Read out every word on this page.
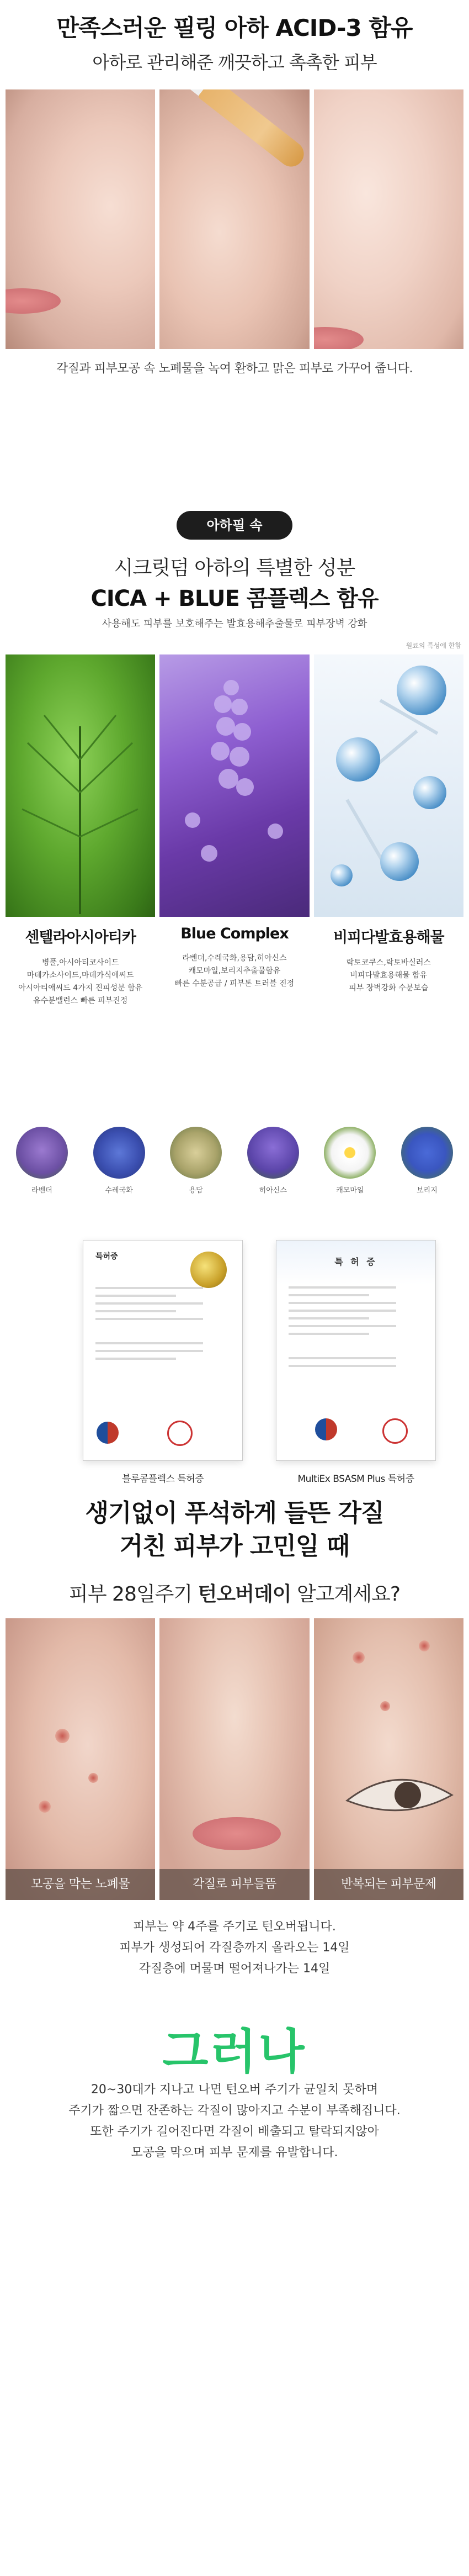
만족스러운 필링 아하 ACID-3 함유
아하로 관리해준 깨끗하고 촉촉한 피부
각질과 피부모공 속 노폐물을 녹여 환하고 맑은 피부로 가꾸어 줍니다.
아하필 속
시크릿덤 아하의 특별한 성분
CICA + BLUE 콤플렉스 함유
사용해도 피부를 보호해주는 발효용해추출물로 피부장벽 강화
원료의 특성에 한함
센텔라아시아티카
병풀,아시아티코사이드
마데카소사이드,마데카식애씨드
아시아티애씨드 4가지 진피성분 함유
유수분밸런스 빠른 피부진정
Blue Complex
라벤더,수레국화,용담,히아신스
캐모마일,보리지추출물함유
빠른 수분공급 / 피부톤 트러블 진정
비피다발효용해물
락토코쿠스,락토바실러스
비피다발효용해물 함유
피부 장벽강화 수분보습
라벤더	수레국화	용담	히아신스	캐모마일	보리지
특허증
블루콤플렉스 특허증
특 허 증
MultiEx BSASM Plus 특허증
생기없이 푸석하게 들뜬 각질
거친 피부가 고민일 때
피부 28일주기 턴오버데이 알고계세요?
모공을 막는 노폐물	각질로 피부들뜸	반복되는 피부문제
피부는 약 4주를 주기로 턴오버됩니다.
피부가 생성되어 각질층까지 올라오는 14일
각질층에 머물며 떨어져나가는 14일
그러나
20~30대가 지나고 나면 턴오버 주기가 균일치 못하며
주기가 짧으면 잔존하는 각질이 많아지고 수분이 부족해집니다.
또한 주기가 길어진다면 각질이 배출되고 탈락되지않아
모공을 막으며 피부 문제를 유발합니다.
